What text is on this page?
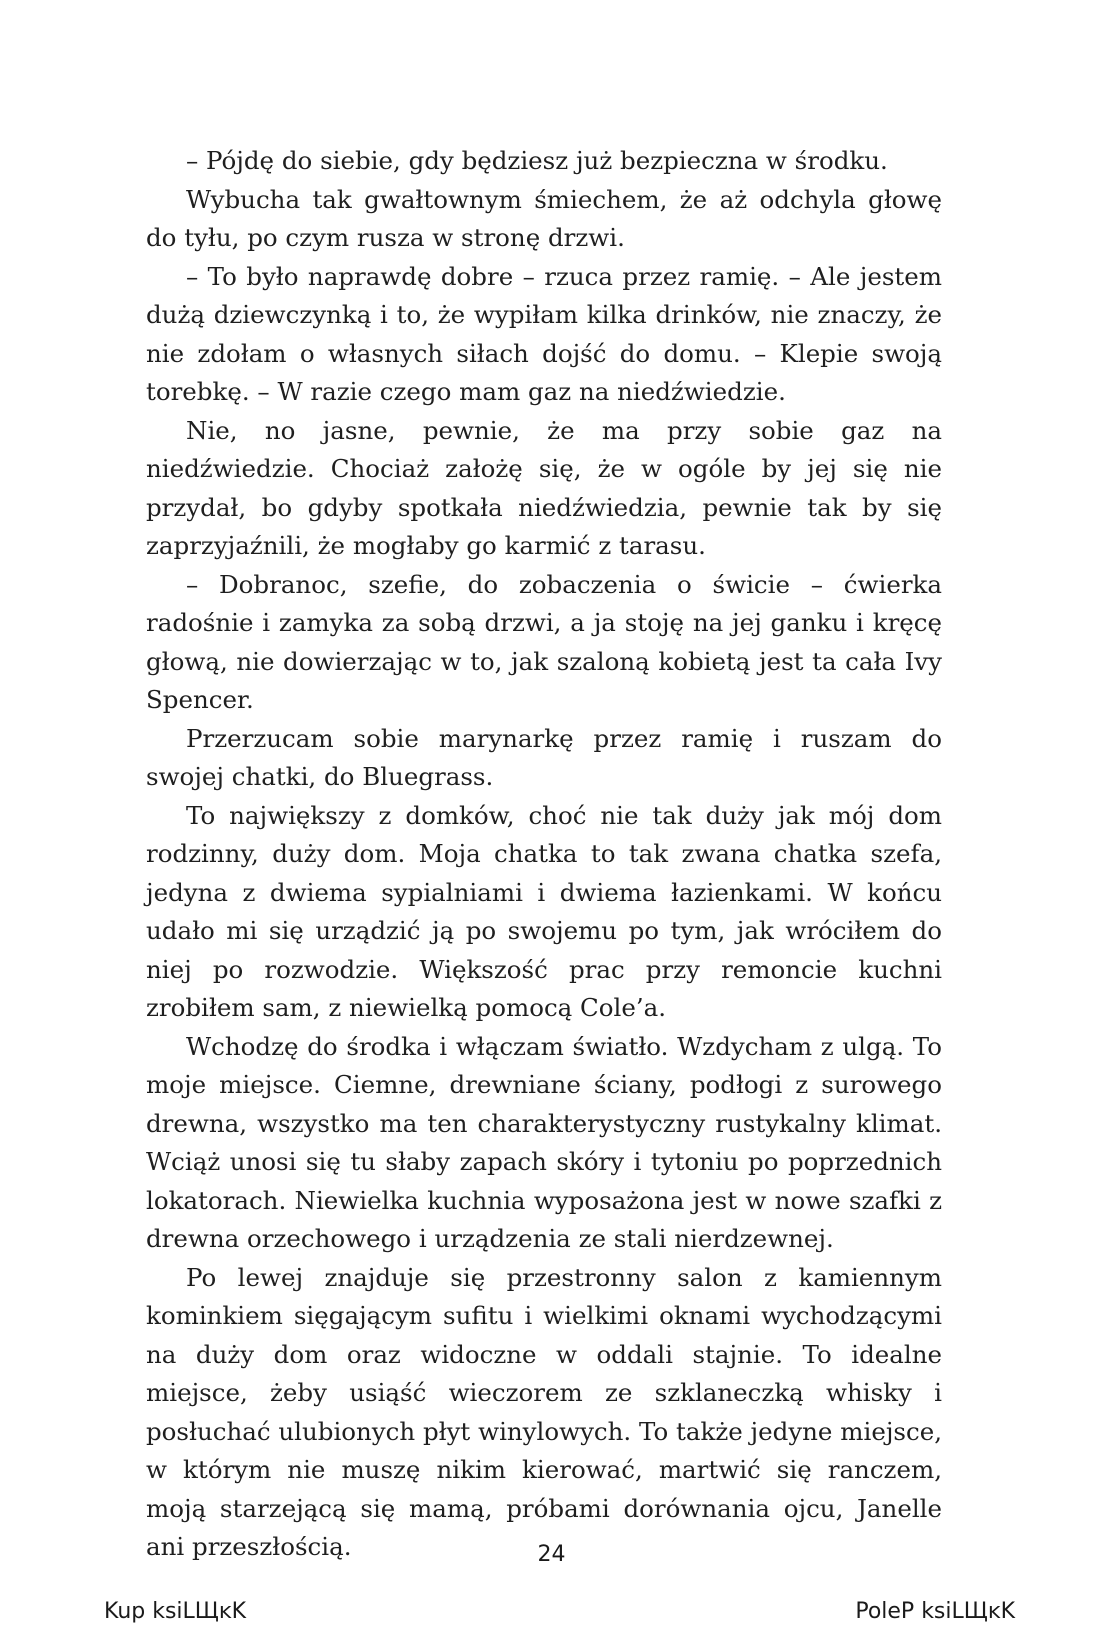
– Pójdę do siebie, gdy będziesz już bezpieczna w środku.

Wybucha tak gwałtownym śmiechem, że aż odchyla głowę do tyłu, po czym rusza w stronę drzwi.

– To było naprawdę dobre – rzuca przez ramię. – Ale jestem dużą dziewczynką i to, że wypiłam kilka drinków, nie znaczy, że nie zdołam o własnych siłach dojść do domu. – Klepie swoją torebkę. – W razie czego mam gaz na niedźwiedzie.

Nie, no jasne, pewnie, że ma przy sobie gaz na niedźwiedzie. Chociaż założę się, że w ogóle by jej się nie przydał, bo gdyby spotkała niedźwiedzia, pewnie tak by się zaprzyjaźnili, że mogłaby go karmić z tarasu.

– Dobranoc, szefie, do zobaczenia o świcie – ćwierka radośnie i zamyka za sobą drzwi, a ja stoję na jej ganku i kręcę głową, nie dowierzając w to, jak szaloną kobietą jest ta cała Ivy Spencer.

Przerzucam sobie marynarkę przez ramię i ruszam do swojej chatki, do Bluegrass.

To największy z domków, choć nie tak duży jak mój dom rodzinny, duży dom. Moja chatka to tak zwana chatka szefa, jedyna z dwiema sypialniami i dwiema łazienkami. W końcu udało mi się urządzić ją po swojemu po tym, jak wróciłem do niej po rozwodzie. Większość prac przy remoncie kuchni zrobiłem sam, z niewielką pomocą Cole’a.

Wchodzę do środka i włączam światło. Wzdycham z ulgą. To moje miejsce. Ciemne, drewniane ściany, podłogi z surowego drewna, wszystko ma ten charakterystyczny rustykalny klimat. Wciąż unosi się tu słaby zapach skóry i tytoniu po poprzednich lokatorach. Niewielka kuchnia wyposażona jest w nowe szafki z drewna orzechowego i urządzenia ze stali nierdzewnej.

Po lewej znajduje się przestronny salon z kamiennym kominkiem sięgającym sufitu i wielkimi oknami wychodzącymi na duży dom oraz widoczne w oddali stajnie. To idealne miejsce, żeby usiąść wieczorem ze szklaneczką whisky i posłuchać ulubionych płyt winylowych. To także jedyne miejsce, w którym nie muszę nikim kierować, martwić się ranczem, moją starzejącą się mamą, próbami dorównania ojcu, Janelle ani przeszłością.	24
Kup ksiLЩĸK	PoleP ksiLЩĸK
